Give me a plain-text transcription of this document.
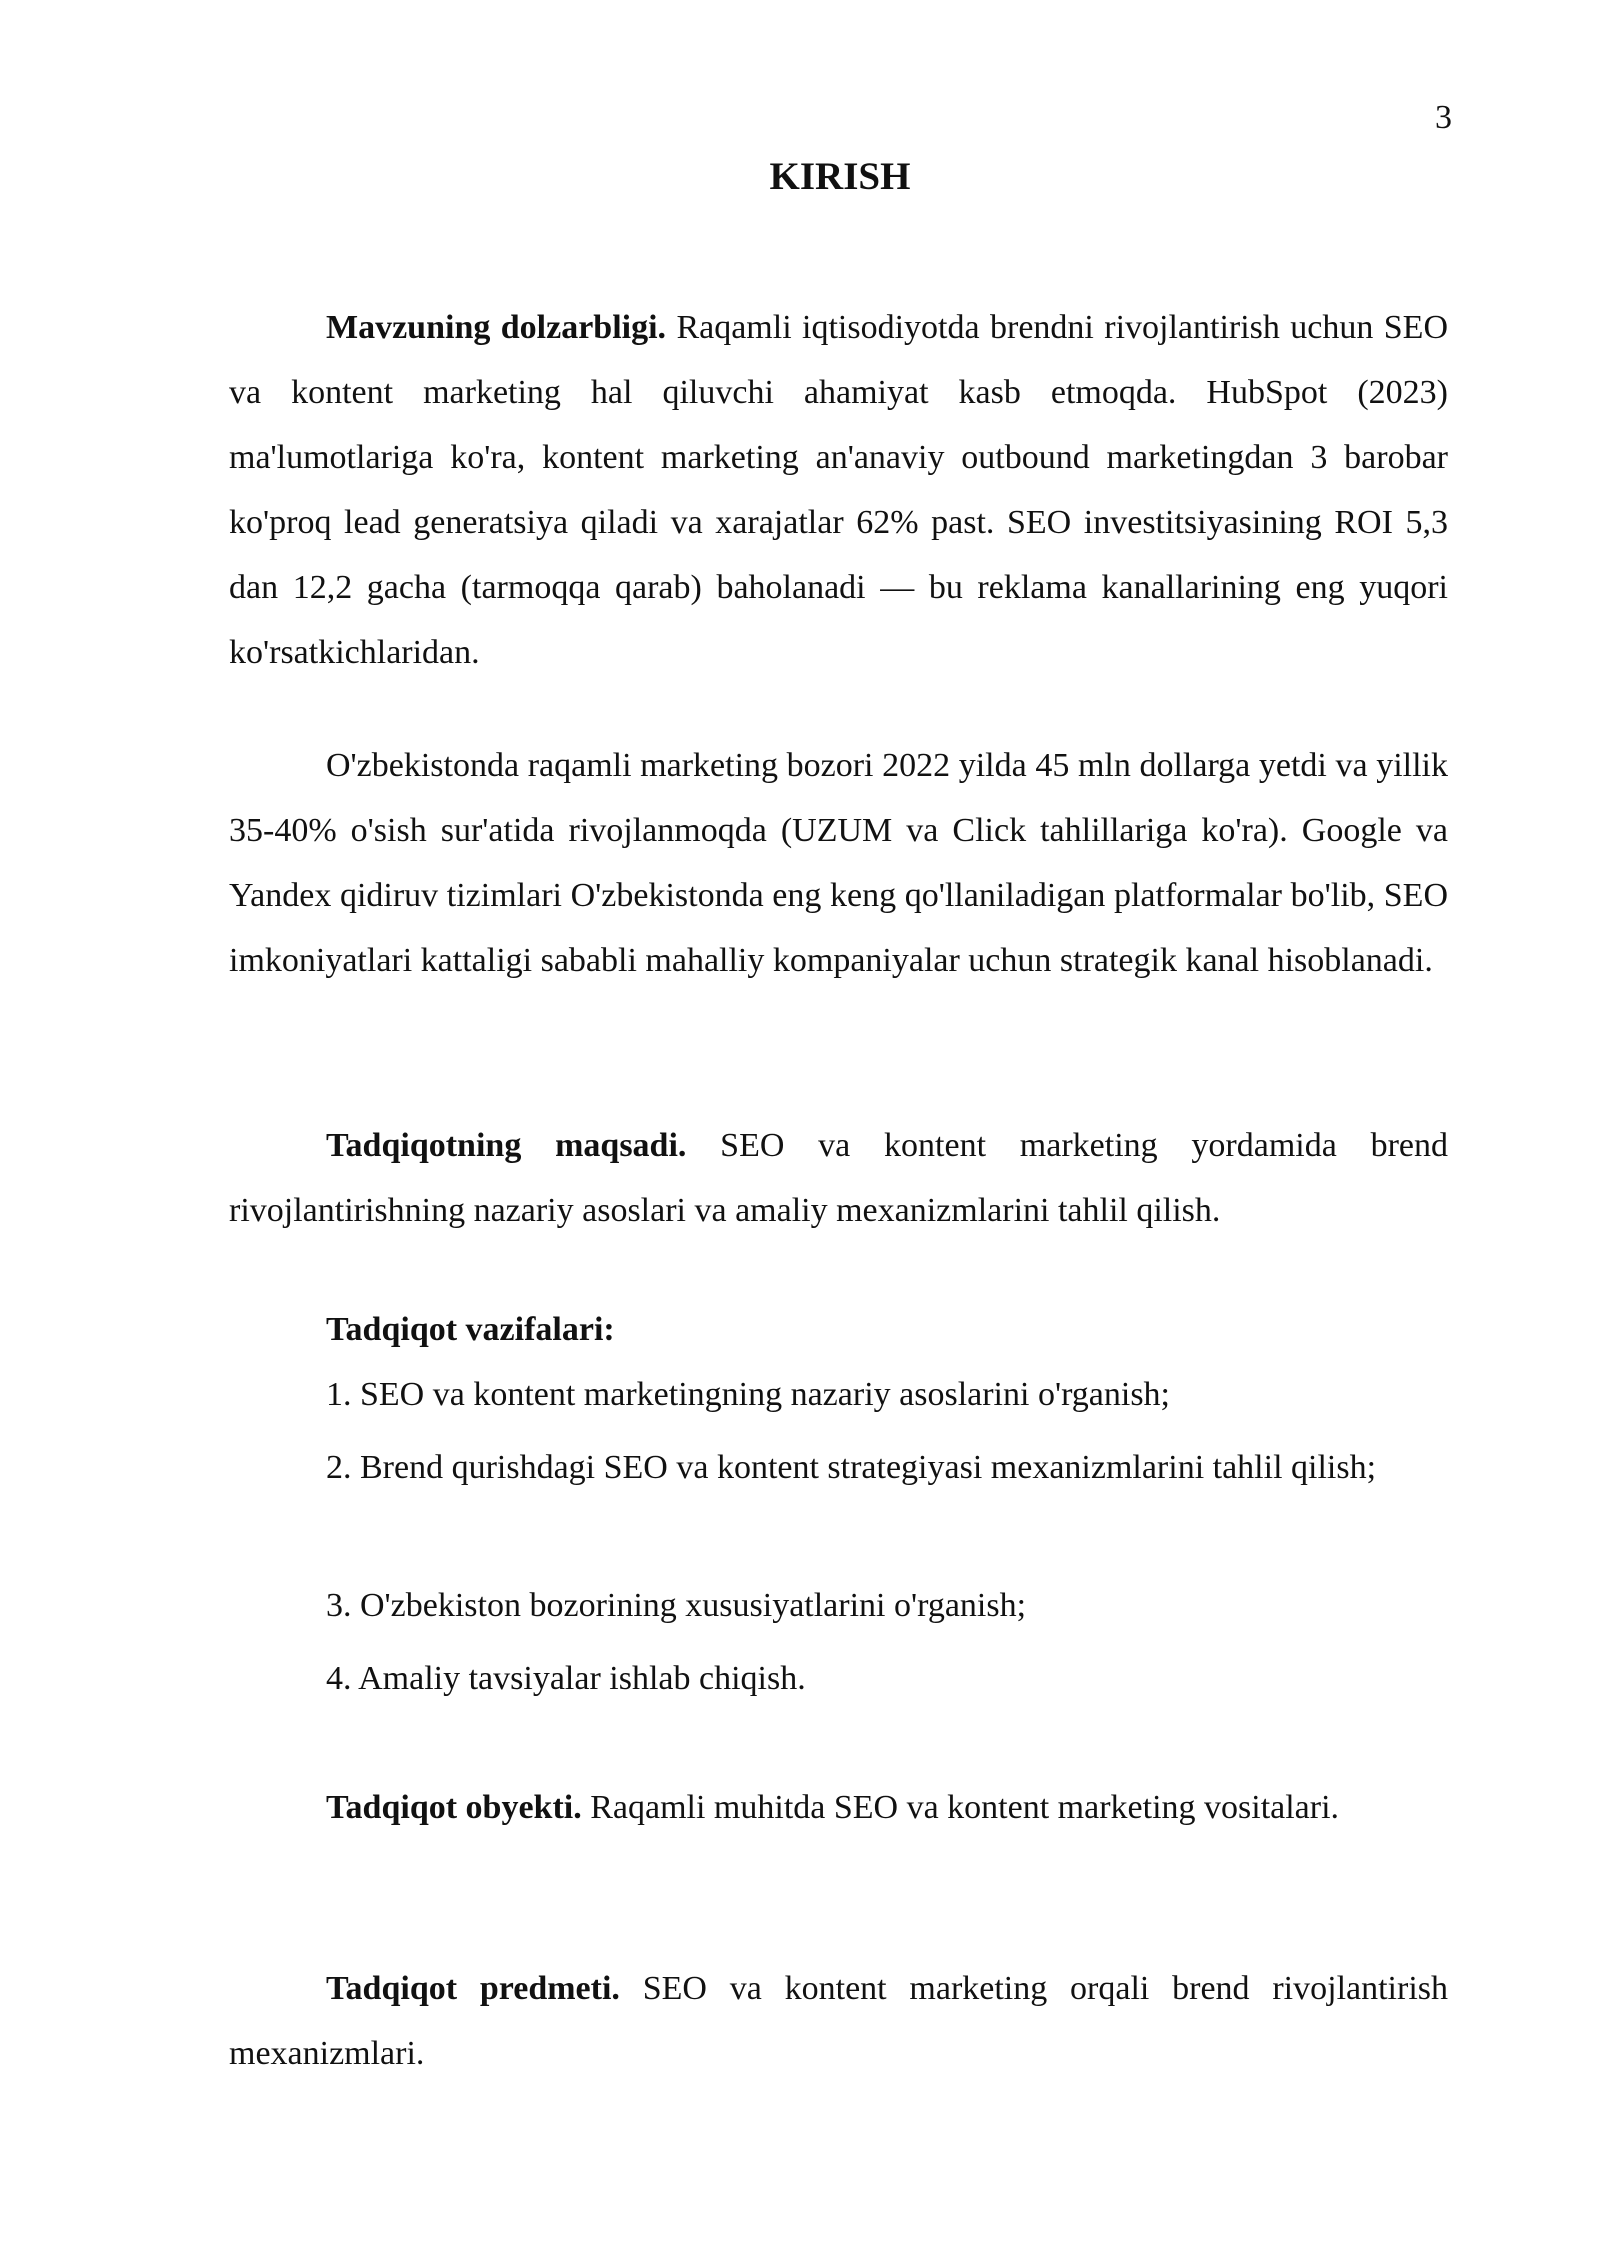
3
KIRISH

Mavzuning dolzarbligi. Raqamli iqtisodiyotda brendni rivojlantirish uchun SEO va kontent marketing hal qiluvchi ahamiyat kasb etmoqda. HubSpot (2023) ma'lumotlariga ko'ra, kontent marketing an'anaviy outbound marketingdan 3 barobar ko'proq lead generatsiya qiladi va xarajatlar 62% past. SEO investitsiyasining ROI 5,3 dan 12,2 gacha (tarmoqqa qarab) baholanadi — bu reklama kanallarining eng yuqori ko'rsatkichlaridan.

O'zbekistonda raqamli marketing bozori 2022 yilda 45 mln dollarga yetdi va yillik 35-40% o'sish sur'atida rivojlanmoqda (UZUM va Click tahlillariga ko'ra). Google va Yandex qidiruv tizimlari O'zbekistonda eng keng qo'llaniladigan platformalar bo'lib, SEO imkoniyatlari kattaligi sababli mahalliy kompaniyalar uchun strategik kanal hisoblanadi.

Tadqiqotning maqsadi. SEO va kontent marketing yordamida brend rivojlantirishning nazariy asoslari va amaliy mexanizmlarini tahlil qilish.

Tadqiqot vazifalari:

1. SEO va kontent marketingning nazariy asoslarini o'rganish;

2. Brend qurishdagi SEO va kontent strategiyasi mexanizmlarini tahlil qilish;

3. O'zbekiston bozorining xususiyatlarini o'rganish;

4. Amaliy tavsiyalar ishlab chiqish.

Tadqiqot obyekti. Raqamli muhitda SEO va kontent marketing vositalari.

Tadqiqot predmeti. SEO va kontent marketing orqali brend rivojlantirish mexanizmlari.
